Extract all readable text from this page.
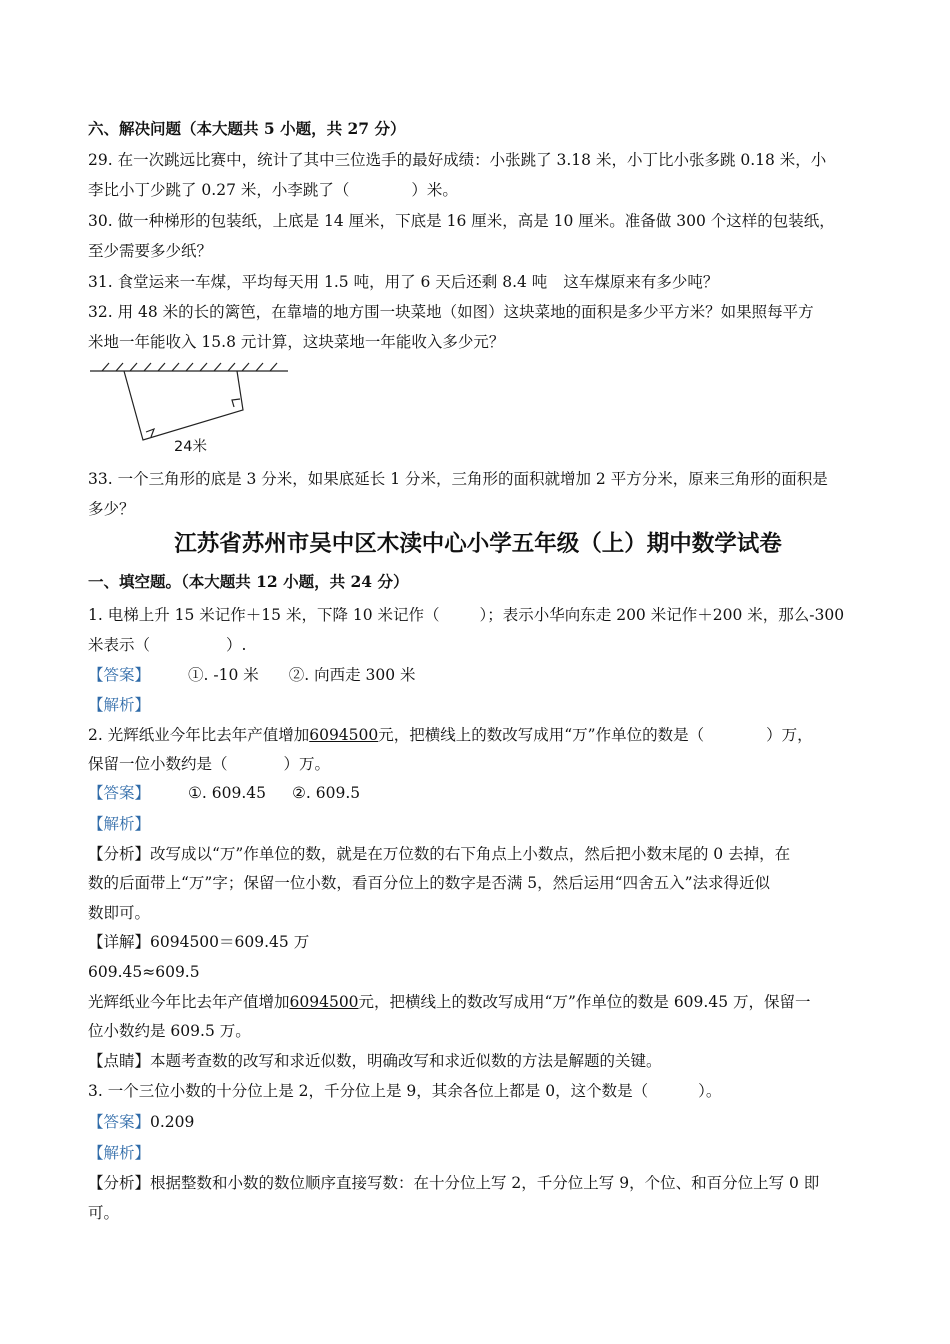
六、解决问题（本大题共 5 小题，共 27 分）
29. 在一次跳远比赛中，统计了其中三位选手的最好成绩：小张跳了 3.18 米，小丁比小张多跳 0.18 米，小
李比小丁少跳了 0.27 米，小李跳了（	）米。
30. 做一种梯形的包装纸，上底是 14 厘米，下底是 16 厘米，高是 10 厘米。准备做 300 个这样的包装纸，
至少需要多少纸？
31. 食堂运来一车煤，平均每天用 1.5 吨，用了 6 天后还剩 8.4 吨 这车煤原来有多少吨？
32. 用 48 米的长的篱笆，在靠墙的地方围一块菜地（如图）这块菜地的面积是多少平方米？如果照每平方
米地一年能收入 15.8 元计算，这块菜地一年能收入多少元？
24米
33. 一个三角形的底是 3 分米，如果底延长 1 分米，三角形的面积就增加 2 平方分米，原来三角形的面积是
多少？
江苏省苏州市吴中区木渎中心小学五年级（上）期中数学试卷
一、填空题。（本大题共 12 小题，共 24 分）
1. 电梯上升 15 米记作＋15 米，下降 10 米记作（	）；表示小华向东走 200 米记作＋200 米，那么-300
米表示（	）.
【答案】 ①. -10 米 ②. 向西走 300 米
【解析】
2. 光辉纸业今年比去年产值增加6094500元，把横线上的数改写成用“万”作单位的数是（	）万，
保留一位小数约是（	）万。
【答案】 ①. 609.45 ②. 609.5
【解析】
【分析】改写成以“万”作单位的数，就是在万位数的右下角点上小数点，然后把小数末尾的 0 去掉，在
数的后面带上“万”字；保留一位小数，看百分位上的数字是否满 5，然后运用“四舍五入”法求得近似
数即可。
【详解】6094500＝609.45 万
609.45≈609.5
光辉纸业今年比去年产值增加6094500元，把横线上的数改写成用“万”作单位的数是 609.45 万，保留一
位小数约是 609.5 万。
【点睛】本题考查数的改写和求近似数，明确改写和求近似数的方法是解题的关键。
3. 一个三位小数的十分位上是 2，千分位上是 9，其余各位上都是 0，这个数是（	）。
【答案】0.209
【解析】
【分析】根据整数和小数的数位顺序直接写数：在十分位上写 2，千分位上写 9，个位、和百分位上写 0 即
可。
